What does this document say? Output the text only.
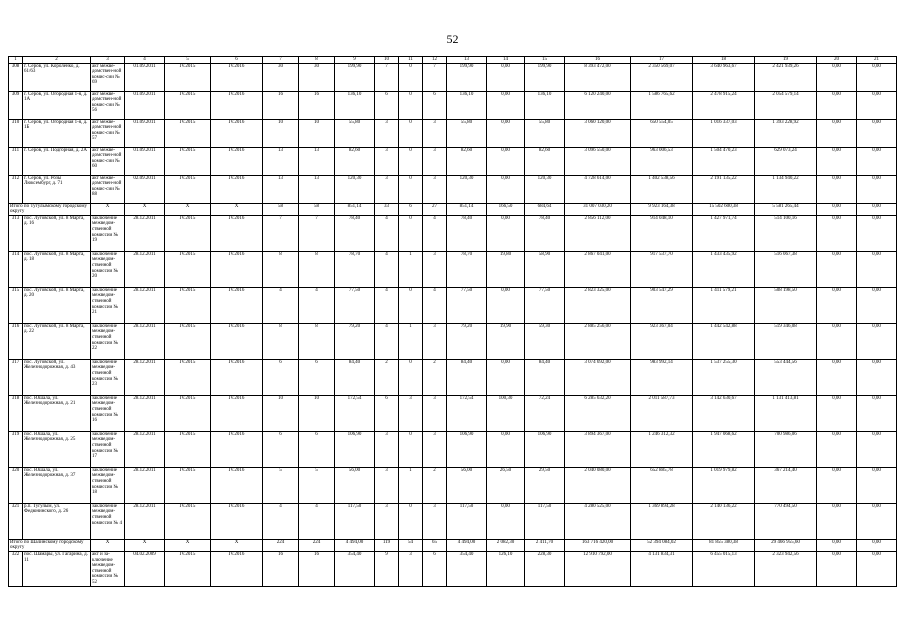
52
1	2	3	4	5	6	7	8	9	10	11	12	13	14	15	16	17	18	19	20	21
308	г. Серов, ул. Короленко, д. 61/63	акт межвe-домствен-ной комис-сии № 69	01.09.2011	IV.2015	IV.2016	30	30	199,90	7	0	7	199,90	0,00	199,90	8 393 472,00	2 350 569,07	3 640 963,67	2 421 939,26	0,00	0,00
309	г. Серов, ул. Огородная 1-я, д. 1А	акт межве-домствен-ной комис-сии № 56	01.09.2011	IV.2015	IV.2016	16	16	136,10	6	0	6	136,10	0,00	136,10	6 120 240,00	1 586 765,62	2 478 915,24	2 054 579,14	0,00	0,00
310	г. Серов, ул. Огородная 1-я, д. 1Б	акт межве-домствен-ной комис-сии № 57	01.09.2011	IV.2015	IV.2016	10	10	55,80	3	0	3	55,80	0,00	55,80	3 060 120,00	650 554,05	1 016 337,03	1 393 228,92	0,00	0,00
311	г. Серов, ул. Подгорная, д. 2А	акт межве-домствен-ной комис-сии № 60	01.09.2011	IV.2015	IV.2016	13	13	82,60	3	0	3	82,60	0,00	82,60	3 096 550,00	963 006,53	1 504 470,23	629 073,24	0,00	0,00
312	г. Серов, ул. Розы Люксембург, д. 71	акт межве-домствен-ной комис-сии № 88	02.09.2011	IV.2015	IV.2016	13	13	120,30	3	0	3	120,30	0,00	120,30	4 728 614,00	1 402 538,56	2 191 135,22	1 134 940,22	0,00	0,00
Итого по Тугулымскому городскому округу		X	X	X	X	58	58	851,14	33	6	27	851,14	166,50	684,64	31 007 030,20	9 923 164,38	15 502 600,38	5 581 265,44	0,00	0,00
313	пос. Луговской, ул. 8 Марта, д. 16	заключение межведом-ственной комиссии № 19	28.12.2011	IV.2015	IV.2016	7	7	78,40	4	0	4	78,40	0,00	78,40	2 856 112,00	914 048,10	1 427 971,74	514 100,16	0,00	0,00
314	пос. Луговской, ул. 8 Марта, д. 18	заключение межведом-ственной комиссии № 20	28.12.2011	IV.2015	IV.2016	8	8	78,70	4	1	3	78,70	19,80	58,90	2 867 041,00	917 537,70	1 433 435,92	516 067,38	0,00	0,00
315	пос. Луговской, ул. 8 Марта, д. 20	заключение межведом-ственной комиссии № 21	28.12.2011	IV.2015	IV.2016	4	4	77,50	4	0	4	77,50	0,00	77,50	2 823 325,00	903 547,29	1 411 579,21	508 198,50	0,00	0,00
316	пос. Луговской, ул. 8 Марта, д. 22	заключение межведом-ственной комиссии № 22	28.12.2011	IV.2015	IV.2016	8	8	79,20	4	1	3	79,20	19,90	59,30	2 885 256,00	923 367,04	1 442 542,88	519 346,08	0,00	0,00
317	пос. Луговской, ул. Железнодорожная, д. 43	заключение межведом-ственной комиссии № 23	28.12.2011	IV.2015	IV.2016	6	6	84,40	2	0	2	84,40	0,00	84,40	3 074 692,00	983 992,14	1 537 255,30	553 444,56	0,00	0,00
318	пос. Юшала, ул. Железнодорожная, д. 21	заключение межведом-ственной комиссии № 16	28.12.2011	IV.2015	IV.2016	10	10	172,54	6	3	3	172,54	100,30	72,24	6 285 632,20	2 011 587,73	3 142 630,67	1 131 413,81	0,00	0,00
319	пос. Юшала, ул. Железнодорожная, д. 25	заключение межведом-ственной комиссии № 17	28.12.2011	IV.2015	IV.2016	6	6	106,90	3	0	3	106,90	0,00	106,90	3 894 367,00	1 246 312,32	1 947 068,62	700 986,06	0,00	0,00
320	пос. Юшала, ул. Железнодорожная, д. 37	заключение межведом-ственной комиссии № 18	28.12.2011	IV.2015	IV.2016	5	5	56,00	3	1	2	56,00	26,50	29,50	2 040 080,00	652 885,78	1 019 979,82	367 214,40	0,00	0,00
321	р.п. Тугулым, ул. Федюнинского, д. 26	заключение межведом-ственной комиссии № 4	28.12.2011	IV.2015	IV.2016	4	4	117,50	3	0	3	117,50	0,00	117,50	4 280 525,00	1 369 894,28	2 140 136,22	770 494,50	0,00	0,00
Итого по Шалинскому городскому округу		X	X	X	X	224	224	4 494,00	119	54	65	4 494,00	2 082,30	2 411,70	163 716 420,00	52 394 084,02	81 855 380,38	29 466 955,60	0,00	0,00
322	пос. Шамары, ул. Гагарина, д. 11	акт и за-ключение межведом-ственной комиссии № 52	04.02.2009	IV.2015	IV.2016	16	16	354,40	9	3	6	354,40	126,10	228,30	12 910 792,00	4 131 834,31	6 455 015,13	2 323 942,56	0,00	0,00
